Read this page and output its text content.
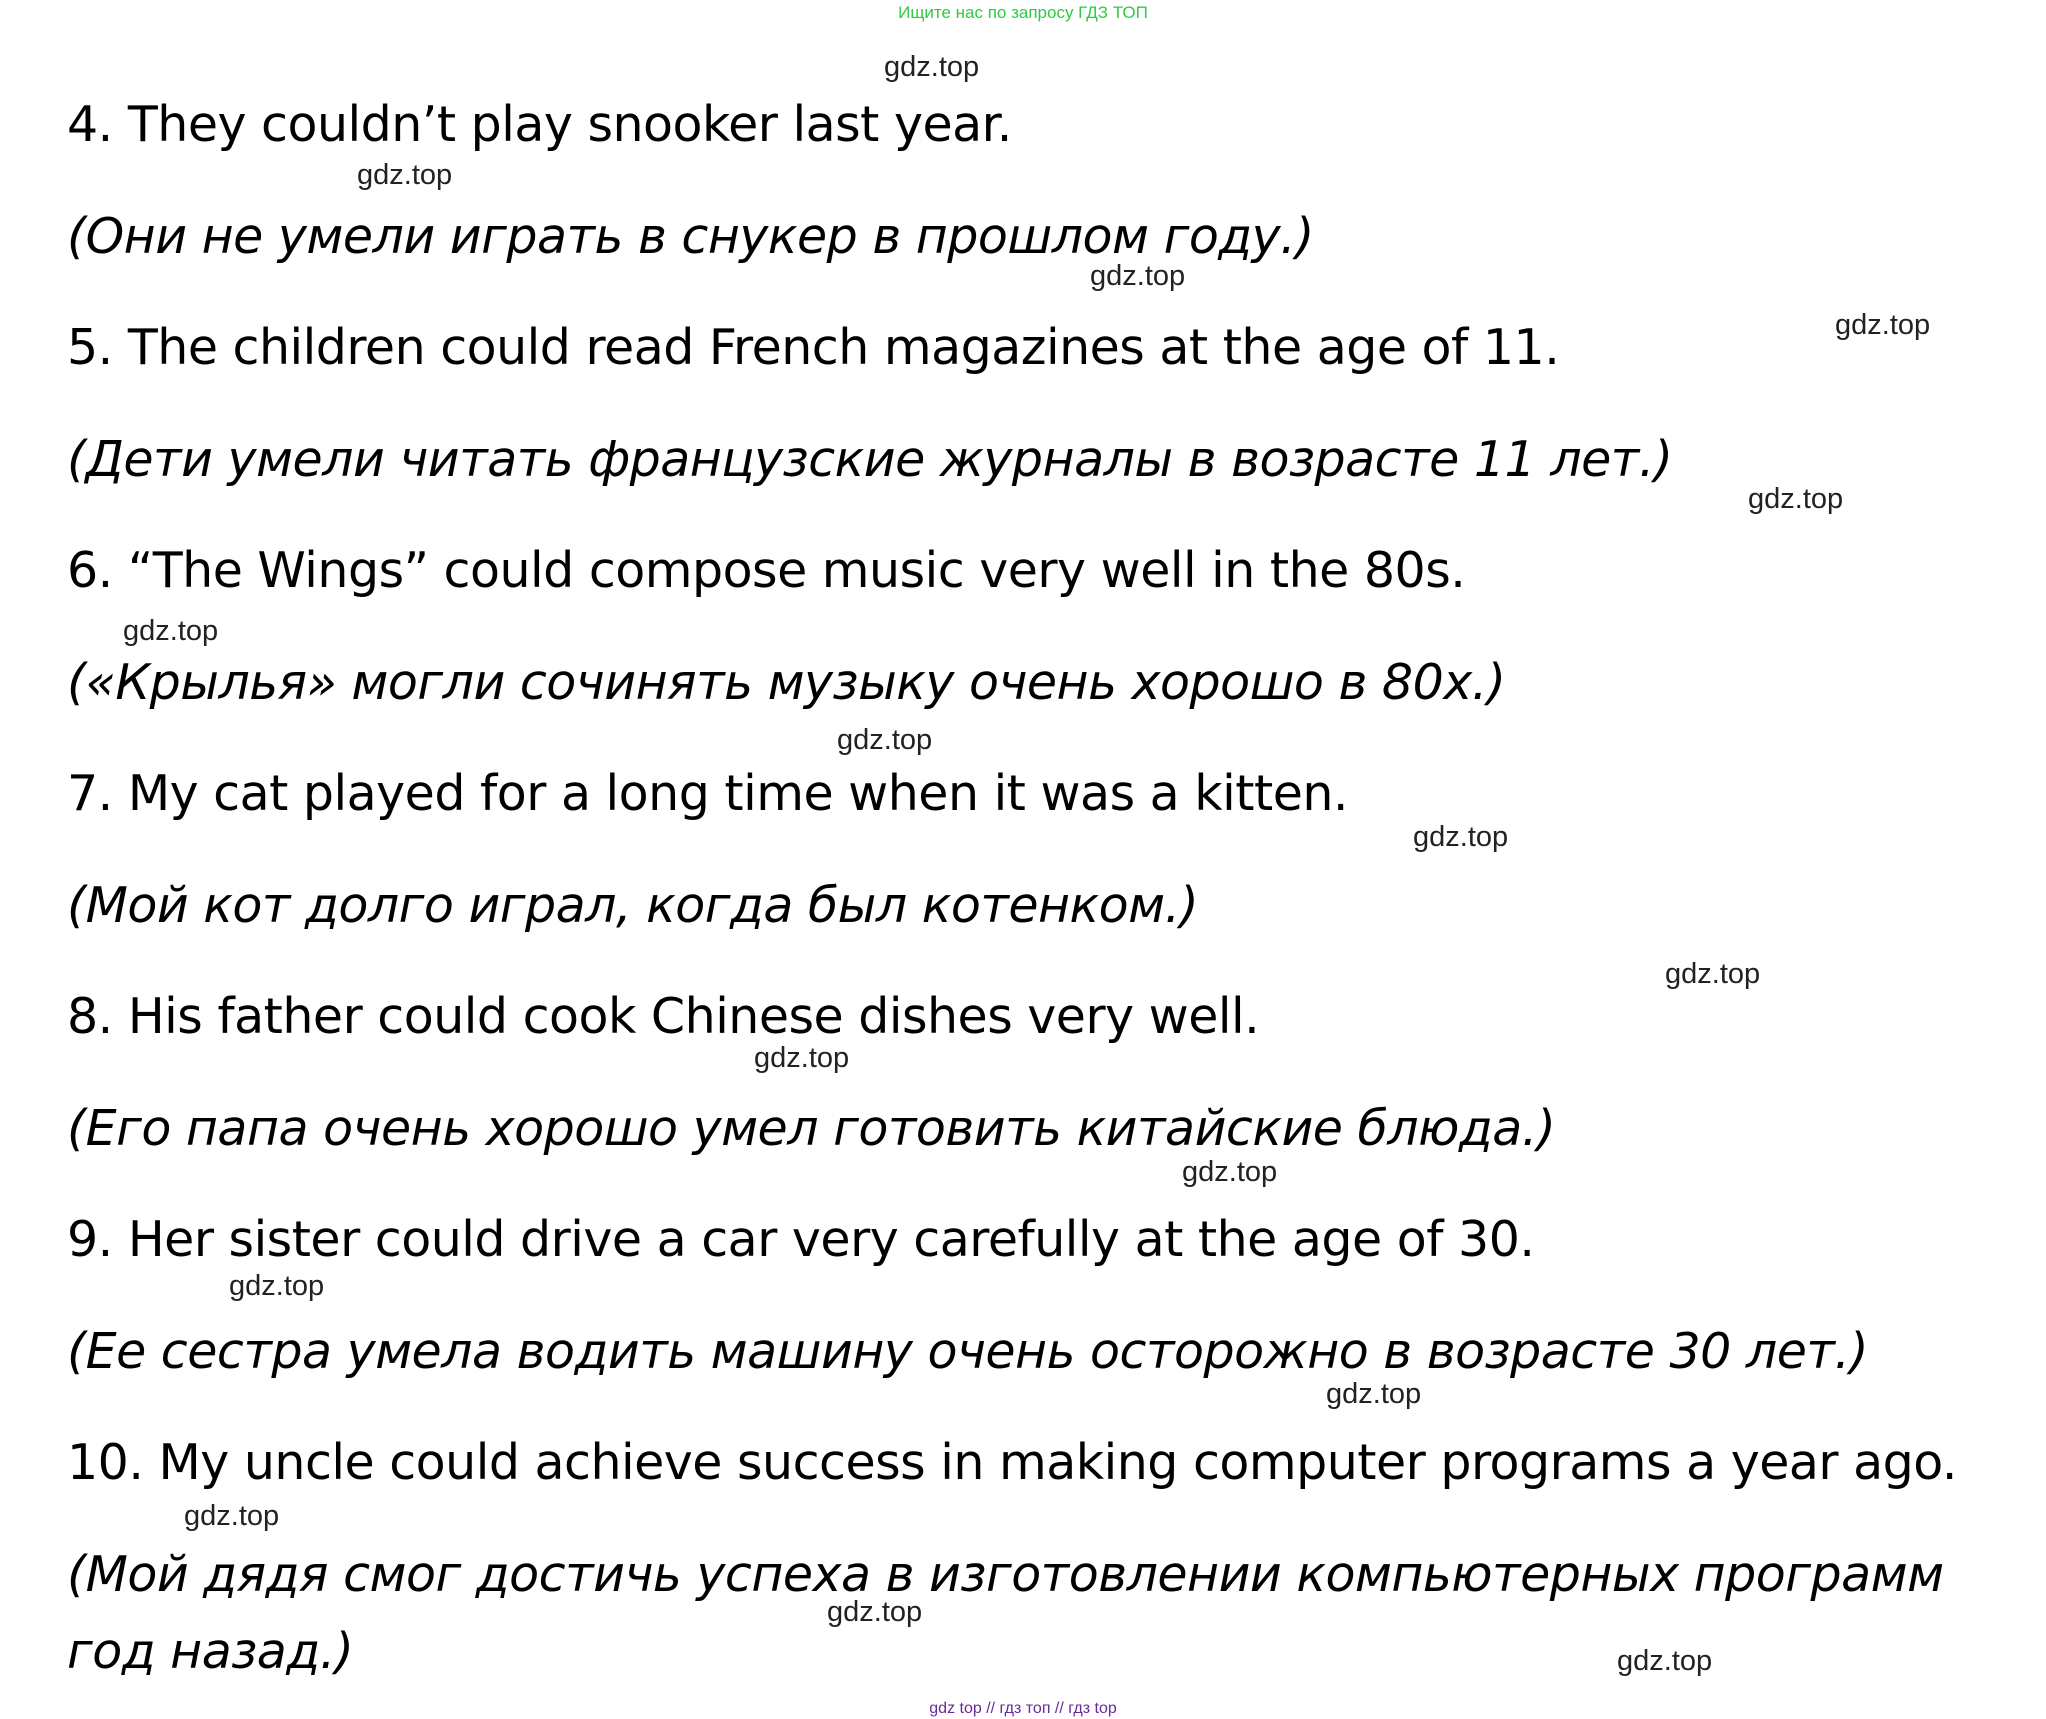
Ищите нас по запросу ГДЗ ТОП
4. They couldn’t play snooker last year.
(Они не умели играть в снукер в прошлом году.)
5. The children could read French magazines at the age of 11.
(Дети умели читать французские журналы в возрасте 11 лет.)
6. “The Wings” could compose music very well in the 80s.
(«Крылья» могли сочинять музыку очень хорошо в 80х.)
7. My cat played for a long time when it was a kitten.
(Мой кот долго играл, когда был котенком.)
8. His father could cook Chinese dishes very well.
(Его папа очень хорошо умел готовить китайские блюда.)
9. Her sister could drive a car very carefully at the age of 30.
(Ее сестра умела водить машину очень осторожно в возрасте 30 лет.)
10. My uncle could achieve success in making computer programs a year ago.
(Мой дядя смог достичь успеха в изготовлении компьютерных программ
год назад.)
gdz.top
gdz.top
gdz.top
gdz.top
gdz.top
gdz.top
gdz.top
gdz.top
gdz.top
gdz.top
gdz.top
gdz.top
gdz.top
gdz.top
gdz.top
gdz.top
gdz top // гдз топ // гдз top
